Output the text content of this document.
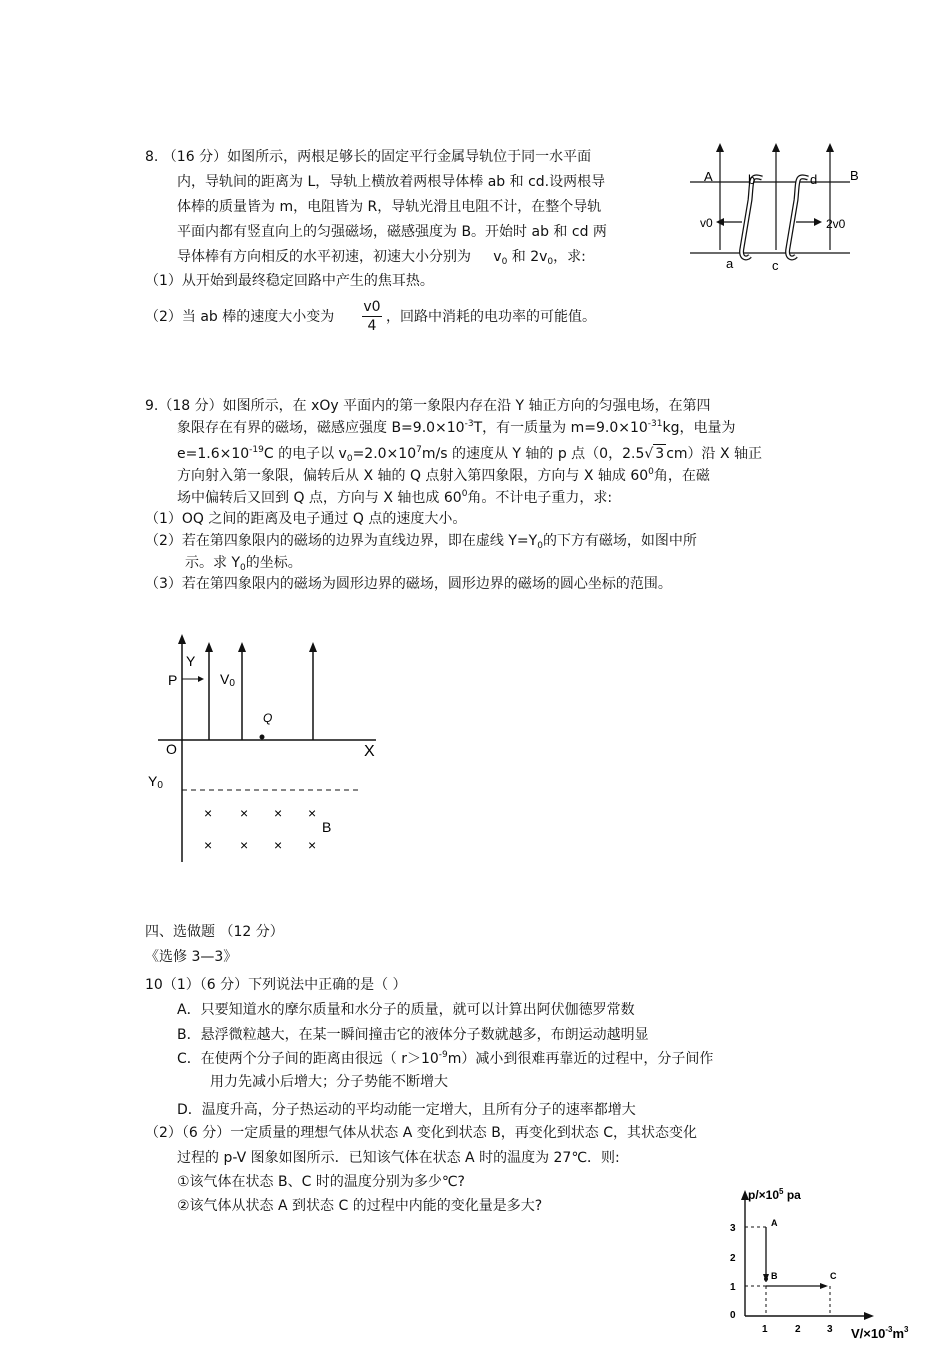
8. （16 分）如图所示，两根足够长的固定平行金属导轨位于同一水平面
内，导轨间的距离为 L，导轨上横放着两根导体棒 ab 和 cd.设两根导
体棒的质量皆为 m，电阻皆为 R，导轨光滑且电阻不计，在整个导轨
平面内都有竖直向上的匀强磁场，磁感强度为 B。开始时 ab 和 cd 两
导体棒有方向相反的水平初速，初速大小分别为 $v_0$ 和 $2v_0$，求:
（1）从开始到最终稳定回路中产生的焦耳热。
（2）当 ab 棒的速度大小变为 $\frac{v0}{4}$ ，回路中消耗的电功率的可能值。
A	B
b	d
a	c
v0	2v0
9.（18 分）如图所示，在 xOy 平面内的第一象限内存在沿 Y 轴正方向的匀强电场，在第四
象限存在有界的磁场，磁感应强度 $B=9.0\times 10^{-3}T$，有一质量为 $m=9.0\times 10^{-31}kg$，电量为
$e=1.6\times 10^{-19}C$ 的电子以 $v_0=2.0\times 10^7m/s$ 的速度从 Y 轴的 p 点（0，2.5√ 3 cm）沿 X 轴正
方向射入第一象限，偏转后从 X 轴的 Q 点射入第四象限，方向与 X 轴成 $60^0$角，在磁
场中偏转后又回到 Q 点，方向与 X 轴也成 $60^0$角。不计电子重力，求:
（1）OQ 之间的距离及电子通过 Q 点的速度大小。
（2）若在第四象限内的磁场的边界为直线边界，即在虚线 $Y=Y_0$的下方有磁场，如图中所
示。求 $Y_0$的坐标。
（3）若在第四象限内的磁场为圆形边界的磁场，圆形边界的磁场的圆心坐标的范围。
Y
P	V0
Q
O	X
Y0
B
× × × ×
× × × ×
四、选做题 （12 分）
《选修 3—3》
10（1）（6 分）下列说法中正确的是（ ）
A．只要知道水的摩尔质量和水分子的质量，就可以计算出阿伏伽德罗常数
B．悬浮微粒越大，在某一瞬间撞击它的液体分子数就越多，布朗运动越明显
C．在使两个分子间的距离由很远（ $r>10^{-9}m$）减小到很难再靠近的过程中，分子间作
用力先减小后增大；分子势能不断增大
D．温度升高，分子热运动的平均动能一定增大，且所有分子的速率都增大
（2）（6 分）一定质量的理想气体从状态 A 变化到状态 B，再变化到状态 C，其状态变化
过程的 p-V 图象如图所示．已知该气体在状态 A 时的温度为 27℃．则:
①该气体在状态 B、C 时的温度分别为多少℃?
②该气体从状态 A 到状态 C 的过程中内能的变化量是多大?
3
2
1
0
1	2	3
A
B	C
$p/\times 10^5$ pa
$V/\times 10^{-3}m^3$
